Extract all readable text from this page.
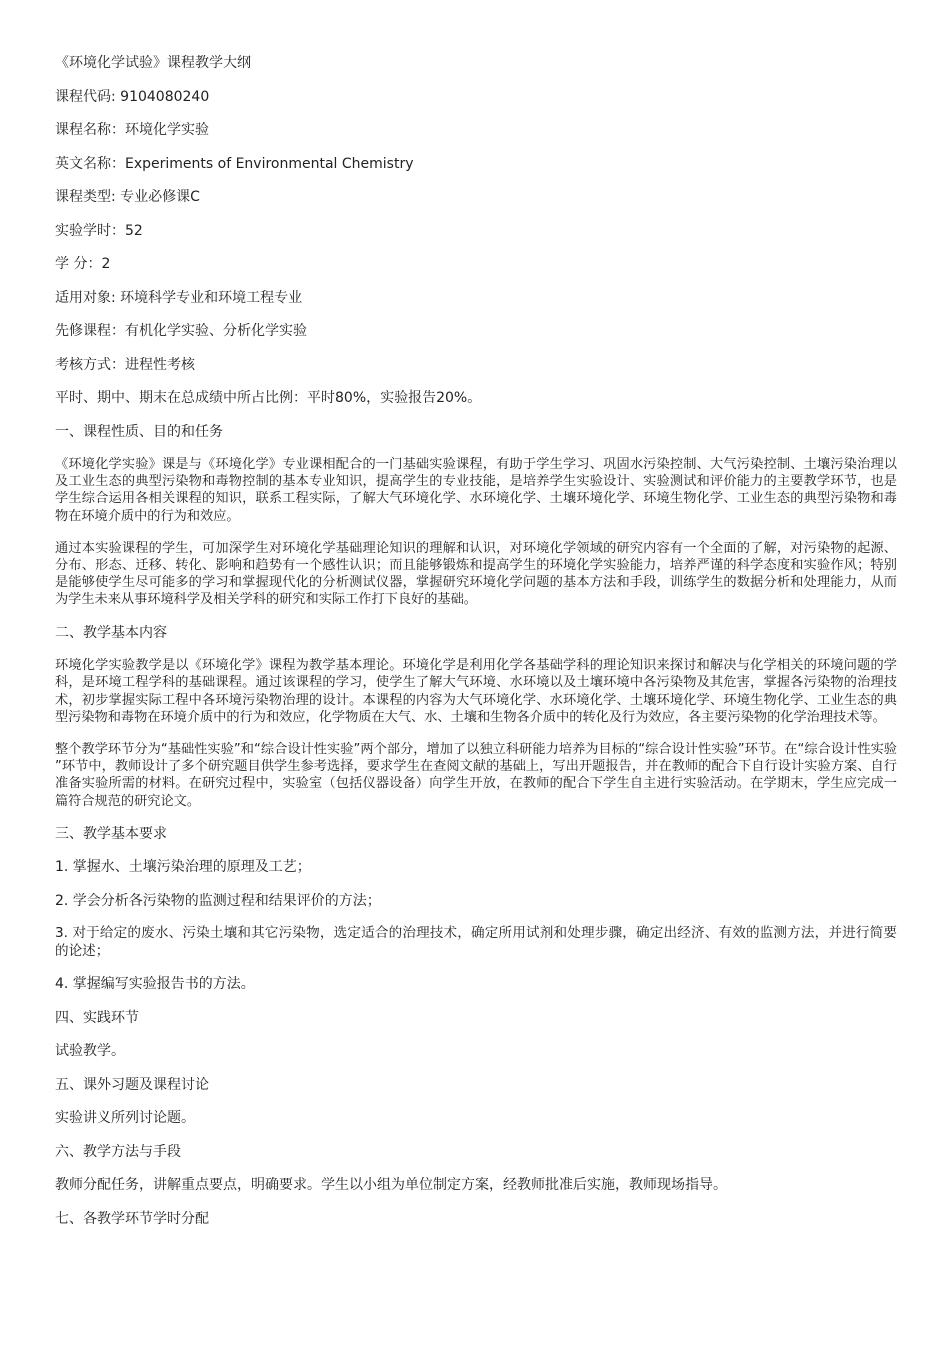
《环境化学试验》课程教学大纲
课程代码: 9104080240
课程名称：环境化学实验
英文名称：Experiments of Environmental Chemistry
课程类型: 专业必修课C
实验学时：52
学 分：2
适用对象: 环境科学专业和环境工程专业
先修课程：有机化学实验、分析化学实验
考核方式：进程性考核
平时、期中、期末在总成绩中所占比例：平时80%，实验报告20%。
一、课程性质、目的和任务
《环境化学实验》课是与《环境化学》专业课相配合的一门基础实验课程，有助于学生学习、巩固水污染控制、大气污染控制、土壤污染治理以及工业生态的典型污染物和毒物控制的基本专业知识，提高学生的专业技能，是培养学生实验设计、实验测试和评价能力的主要教学环节，也是学生综合运用各相关课程的知识，联系工程实际，了解大气环境化学、水环境化学、土壤环境化学、环境生物化学、工业生态的典型污染物和毒物在环境介质中的行为和效应。
通过本实验课程的学生，可加深学生对环境化学基础理论知识的理解和认识，对环境化学领域的研究内容有一个全面的了解，对污染物的起源、分布、形态、迁移、转化、影响和趋势有一个感性认识；而且能够锻炼和提高学生的环境化学实验能力，培养严谨的科学态度和实验作风；特别是能够使学生尽可能多的学习和掌握现代化的分析测试仪器，掌握研究环境化学问题的基本方法和手段，训练学生的数据分析和处理能力，从而为学生未来从事环境科学及相关学科的研究和实际工作打下良好的基础。
二、教学基本内容
环境化学实验教学是以《环境化学》课程为教学基本理论。环境化学是利用化学各基础学科的理论知识来探讨和解决与化学相关的环境问题的学科，是环境工程学科的基础课程。通过该课程的学习，使学生了解大气环境、水环境以及土壤环境中各污染物及其危害，掌握各污染物的治理技术，初步掌握实际工程中各环境污染物治理的设计。本课程的内容为大气环境化学、水环境化学、土壤环境化学、环境生物化学、工业生态的典型污染物和毒物在环境介质中的行为和效应，化学物质在大气、水、土壤和生物各介质中的转化及行为效应，各主要污染物的化学治理技术等。
整个教学环节分为“基础性实验”和“综合设计性实验”两个部分，增加了以独立科研能力培养为目标的“综合设计性实验”环节。在“综合设计性实验”环节中，教师设计了多个研究题目供学生参考选择，要求学生在查阅文献的基础上，写出开题报告，并在教师的配合下自行设计实验方案、自行准备实验所需的材料。在研究过程中，实验室（包括仪器设备）向学生开放，在教师的配合下学生自主进行实验活动。在学期末，学生应完成一篇符合规范的研究论文。
三、教学基本要求
1. 掌握水、土壤污染治理的原理及工艺；
2. 学会分析各污染物的监测过程和结果评价的方法；
3. 对于给定的废水、污染土壤和其它污染物，选定适合的治理技术，确定所用试剂和处理步骤，确定出经济、有效的监测方法，并进行简要的论述；
4. 掌握编写实验报告书的方法。
四、实践环节
试验教学。
五、课外习题及课程讨论
实验讲义所列讨论题。
六、教学方法与手段
教师分配任务，讲解重点要点，明确要求。学生以小组为单位制定方案，经教师批准后实施，教师现场指导。
七、各教学环节学时分配
